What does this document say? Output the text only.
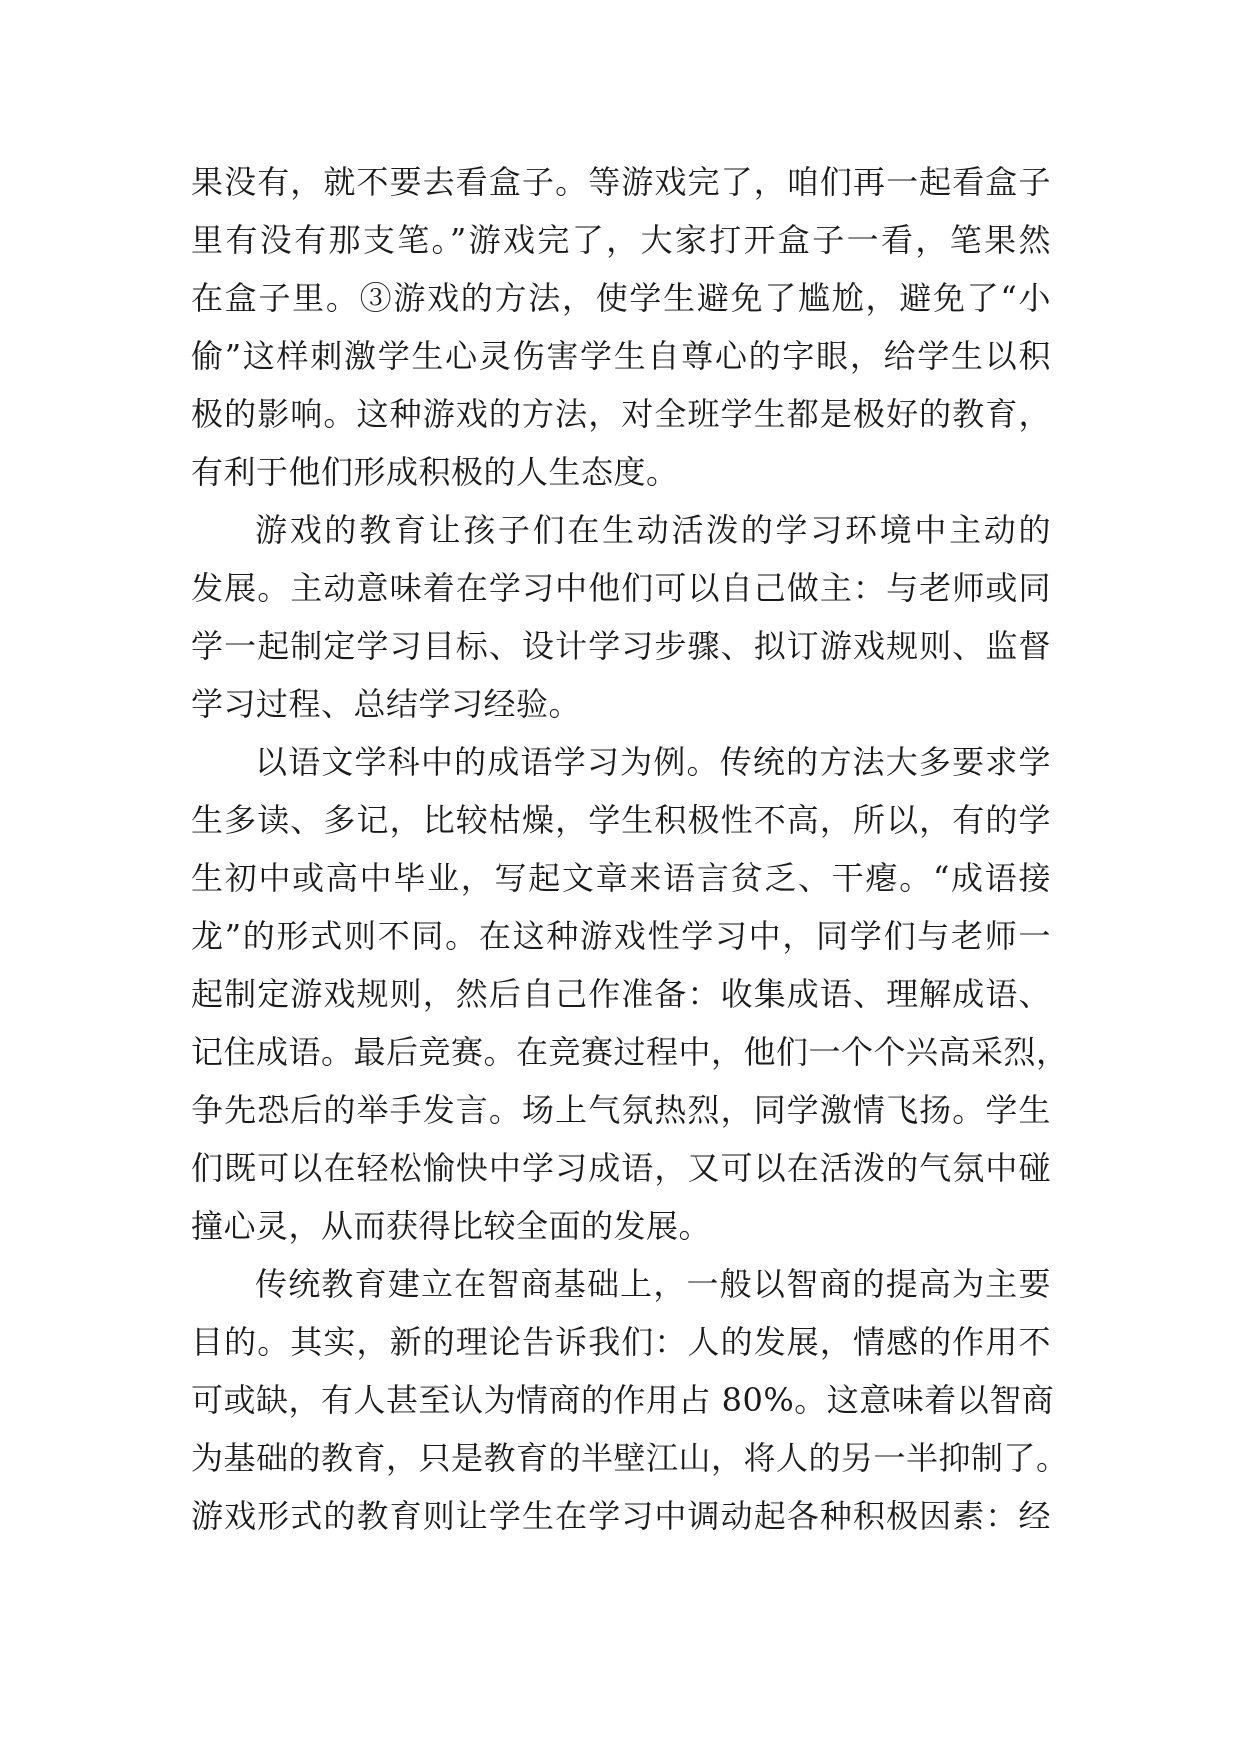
果没有，就不要去看盒子。等游戏完了，咱们再一起看盒子
里有没有那支笔。”游戏完了，大家打开盒子一看，笔果然
在盒子里。③游戏的方法，使学生避免了尴尬，避免了“小
偷”这样刺激学生心灵伤害学生自尊心的字眼，给学生以积
极的影响。这种游戏的方法，对全班学生都是极好的教育，
有利于他们形成积极的人生态度。
游戏的教育让孩子们在生动活泼的学习环境中主动的
发展。主动意味着在学习中他们可以自己做主：与老师或同
学一起制定学习目标、设计学习步骤、拟订游戏规则、监督
学习过程、总结学习经验。
以语文学科中的成语学习为例。传统的方法大多要求学
生多读、多记，比较枯燥，学生积极性不高，所以，有的学
生初中或高中毕业，写起文章来语言贫乏、干瘪。“成语接
龙”的形式则不同。在这种游戏性学习中，同学们与老师一
起制定游戏规则，然后自己作准备：收集成语、理解成语、
记住成语。最后竞赛。在竞赛过程中，他们一个个兴高采烈，
争先恐后的举手发言。场上气氛热烈，同学激情飞扬。学生
们既可以在轻松愉快中学习成语，又可以在活泼的气氛中碰
撞心灵，从而获得比较全面的发展。
传统教育建立在智商基础上，一般以智商的提高为主要
目的。其实，新的理论告诉我们：人的发展，情感的作用不
可或缺，有人甚至认为情商的作用占 80%。这意味着以智商
为基础的教育，只是教育的半壁江山，将人的另一半抑制了。
游戏形式的教育则让学生在学习中调动起各种积极因素：经
